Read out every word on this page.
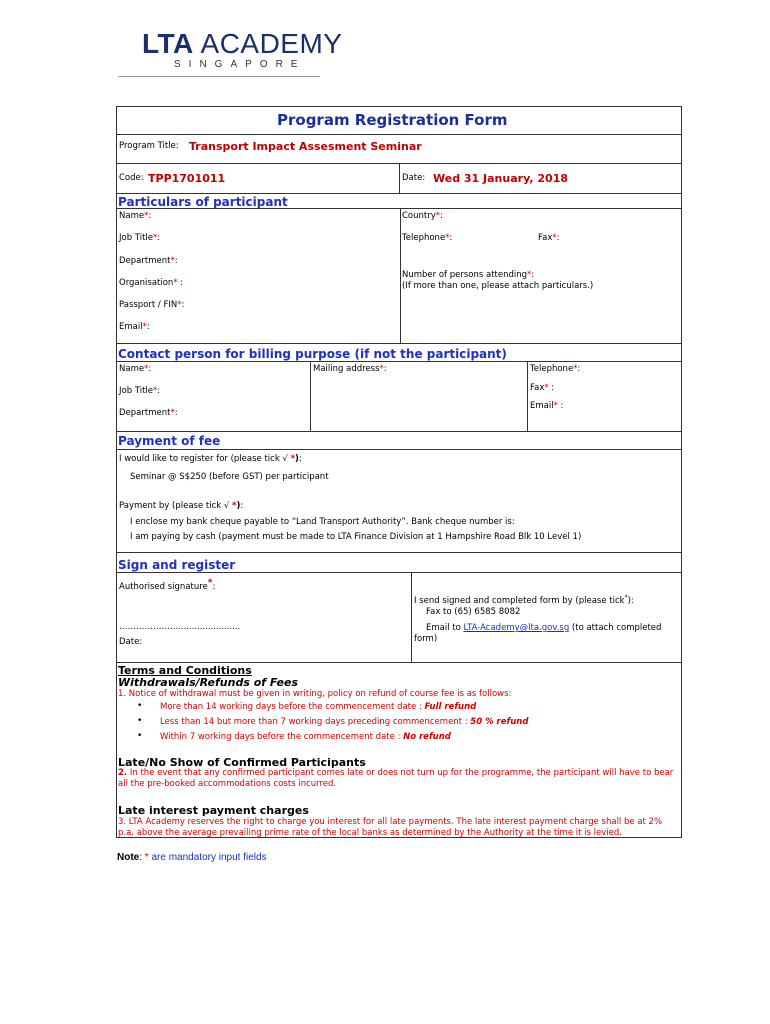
LTA ACADEMY
SINGAPORE
Program Registration Form
Program Title: Transport Impact Assesment Seminar
Code: TPP1701011	Date: Wed 31 January, 2018
Particulars of participant
Name*:
Job Title*:
Department*:
Organisation* :
Passport / FIN*:
Email*:
Country*:
Telephone*:	Fax*:
Number of persons attending*:
(If more than one, please attach particulars.)
Contact person for billing purpose (if not the participant)
Name*:
Job Title*:
Department*:
Mailing address*:	Telephone*:
Fax* :
Email* :
Payment of fee
I would like to register for (please tick √ *):
Seminar @ S$250 (before GST) per participant
Payment by (please tick √ *):
I enclose my bank cheque payable to “Land Transport Authority”. Bank cheque number is:
I am paying by cash (payment must be made to LTA Finance Division at 1 Hampshire Road Blk 10 Level 1)
Sign and register
Authorised signature*:
………………..........................
Date:
I send signed and completed form by (please tick*):
Fax to (65) 6585 8082
Email to LTA-Academy@lta.gov.sg (to attach completed
form)
Terms and Conditions
Withdrawals/Refunds of Fees
1. Notice of withdrawal must be given in writing, policy on refund of course fee is as follows:
• More than 14 working days before the commencement date : Full refund
• Less than 14 but more than 7 working days preceding commencement : 50 % refund
• Within 7 working days before the commencement date : No refund
Late/No Show of Confirmed Participants
2. In the event that any confirmed participant comes late or does not turn up for the programme, the participant will have to bear all the pre-booked accommodations costs incurred.
Late interest payment charges
3. LTA Academy reserves the right to charge you interest for all late payments. The late interest payment charge shall be at 2% p.a. above the average prevailing prime rate of the local banks as determined by the Authority at the time it is levied.
Note: * are mandatory input fields
